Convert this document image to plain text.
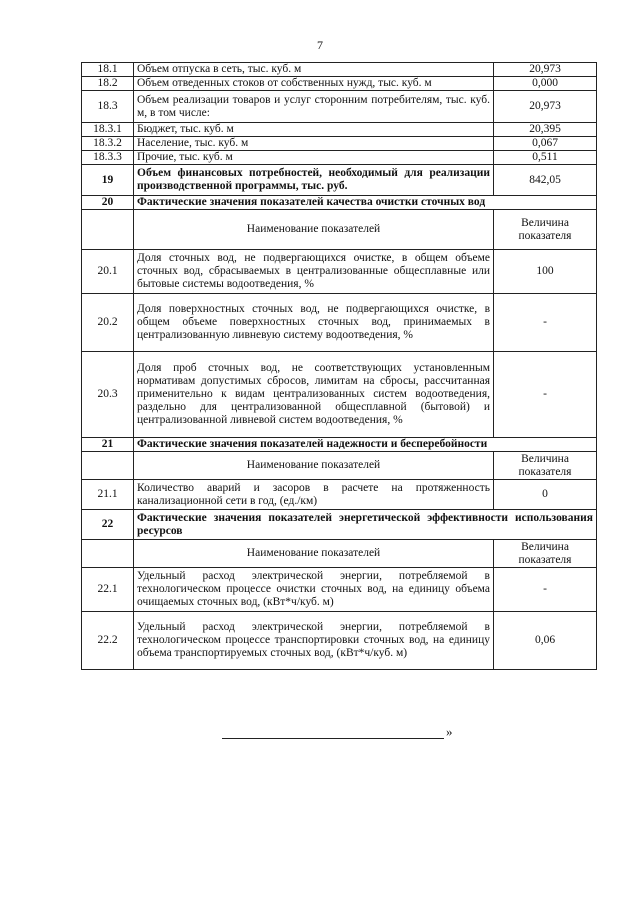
7
18.1	Объем отпуска в сеть, тыс. куб. м	20,973
18.2	Объем отведенных стоков от собственных нужд, тыс. куб. м	0,000
18.3	Объем реализации товаров и услуг сторонним потребителям, тыс. куб. м, в том числе:	20,973
18.3.1	Бюджет, тыс. куб. м	20,395
18.3.2	Население, тыс. куб. м	0,067
18.3.3	Прочие, тыс. куб. м	0,511
19	Объем финансовых потребностей, необходимый для реализации производственной программы, тыс. руб.	842,05
20	Фактические значения показателей качества очистки сточных вод	
	Наименование показателей	Величина показателя
20.1	Доля сточных вод, не подвергающихся очистке, в общем объеме сточных вод, сбрасываемых в централизованные общесплавные или бытовые системы водоотведения, %	100
20.2	Доля поверхностных сточных вод, не подвергающихся очистке, в общем объеме поверхностных сточных вод, принимаемых в централизованную ливневую систему водоотведения, %	-
20.3	Доля проб сточных вод, не соответствующих установленным нормативам допустимых сбросов, лимитам на сбросы, рассчитанная применительно к видам централизованных систем водоотведения, раздельно для централизованной общесплавной (бытовой) и централизованной ливневой систем водоотведения, %	-
21	Фактические значения показателей надежности и бесперебойности	
	Наименование показателей	Величина показателя
21.1	Количество аварий и засоров в расчете на протяженность канализационной сети в год, (ед./км)	0
22	Фактические значения показателей энергетической эффективности использования ресурсов	
	Наименование показателей	Величина показателя
22.1	Удельный расход электрической энергии, потребляемой в технологическом процессе очистки сточных вод, на единицу объема очищаемых сточных вод, (кВт*ч/куб. м)	-
22.2	Удельный расход электрической энергии, потребляемой в технологическом процессе транспортировки сточных вод, на единицу объема транспортируемых сточных вод, (кВт*ч/куб. м)	0,06
»
